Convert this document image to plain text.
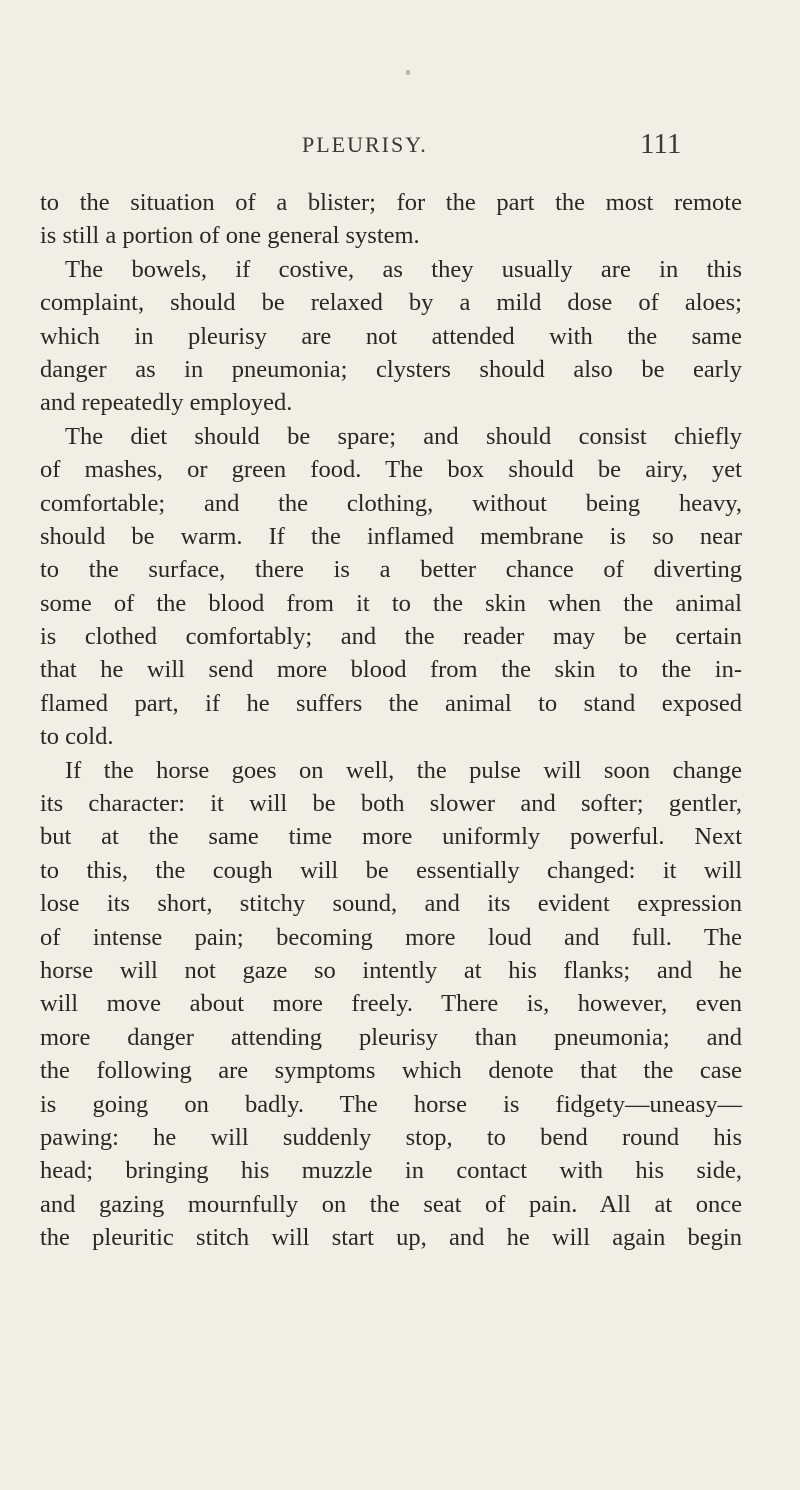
PLEURISY.	111
to the situation of a blister; for the part the most remote
is still a portion of one general system.
The bowels, if costive, as they usually are in this
complaint, should be relaxed by a mild dose of aloes;
which in pleurisy are not attended with the same
danger as in pneumonia; clysters should also be early
and repeatedly employed.
The diet should be spare; and should consist chiefly
of mashes, or green food. The box should be airy, yet
comfortable; and the clothing, without being heavy,
should be warm. If the inflamed membrane is so near
to the surface, there is a better chance of diverting
some of the blood from it to the skin when the animal
is clothed comfortably; and the reader may be certain
that he will send more blood from the skin to the in-
flamed part, if he suffers the animal to stand exposed
to cold.
If the horse goes on well, the pulse will soon change
its character: it will be both slower and softer; gentler,
but at the same time more uniformly powerful. Next
to this, the cough will be essentially changed: it will
lose its short, stitchy sound, and its evident expression
of intense pain; becoming more loud and full. The
horse will not gaze so intently at his flanks; and he
will move about more freely. There is, however, even
more danger attending pleurisy than pneumonia; and
the following are symptoms which denote that the case
is going on badly. The horse is fidgety—uneasy—
pawing: he will suddenly stop, to bend round his
head; bringing his muzzle in contact with his side,
and gazing mournfully on the seat of pain. All at once
the pleuritic stitch will start up, and he will again begin
